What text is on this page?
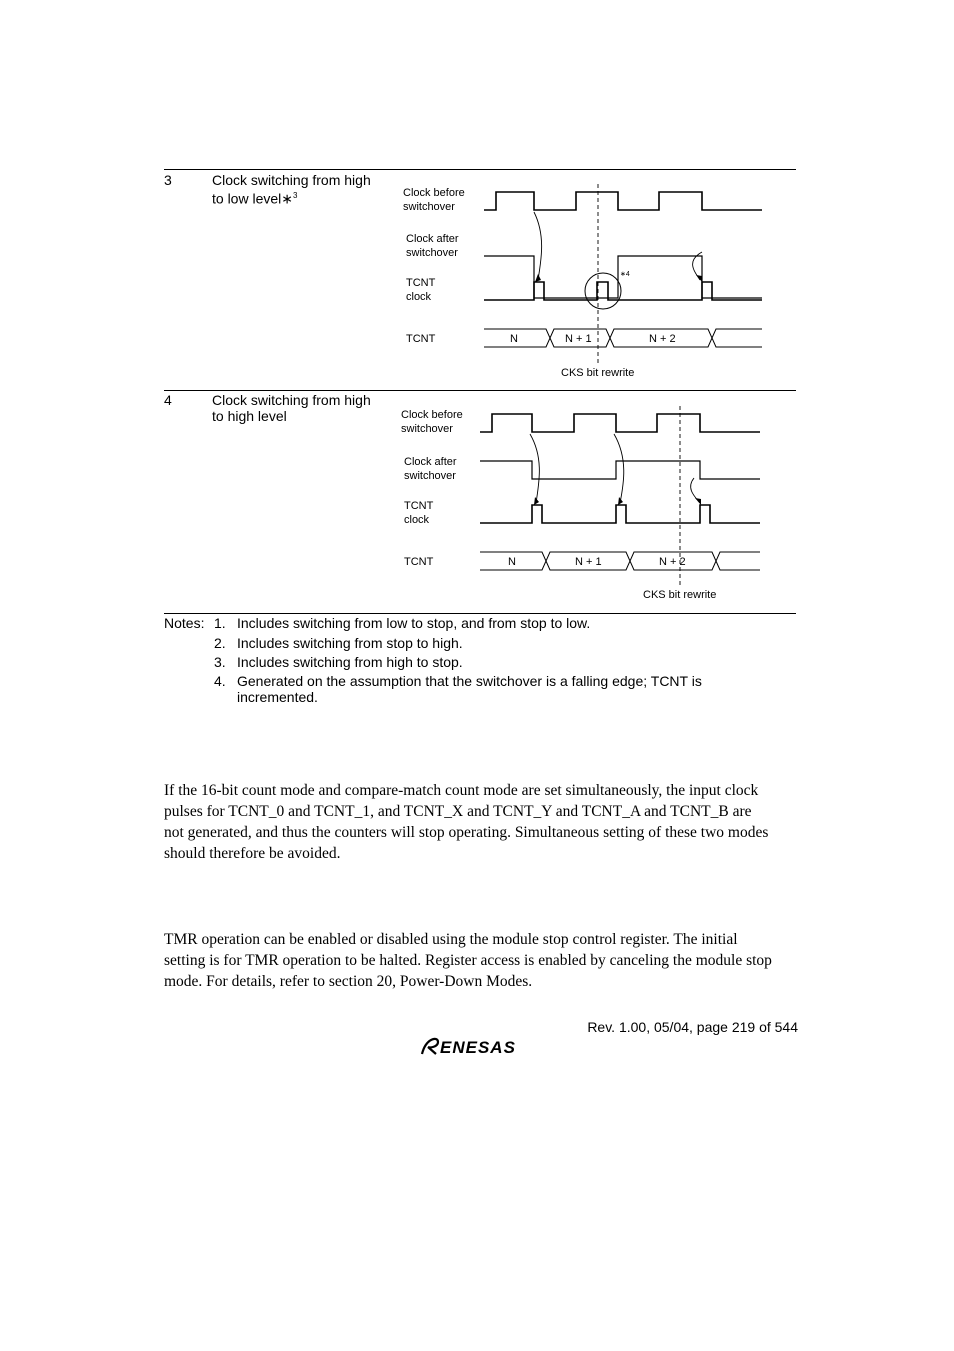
3	Clock switching from high
to low level∗$^3$	Clock before
switchover
Clock after
switchover
TCNT
clock
TCNT	N	N + 1	N + 2
CKS bit rewrite
∗4
4	Clock switching from high
to high level	Clock before
switchover
Clock after
switchover
TCNT
clock
TCNT	N	N + 1	N + 2
CKS bit rewrite
Notes: 1. Includes switching from low to stop, and from stop to low.
2. Includes switching from stop to high.
3. Includes switching from high to stop.
4. Generated on the assumption that the switchover is a falling edge; TCNT is
incremented.
If the 16-bit count mode and compare-match count mode are set simultaneously, the input clock
pulses for TCNT_0 and TCNT_1, and TCNT_X and TCNT_Y and TCNT_A and TCNT_B are
not generated, and thus the counters will stop operating. Simultaneous setting of these two modes
should therefore be avoided.
TMR operation can be enabled or disabled using the module stop control register. The initial
setting is for TMR operation to be halted. Register access is enabled by canceling the module stop
mode. For details, refer to section 20, Power-Down Modes.
Rev. 1.00, 05/04, page 219 of 544
ENESAS
